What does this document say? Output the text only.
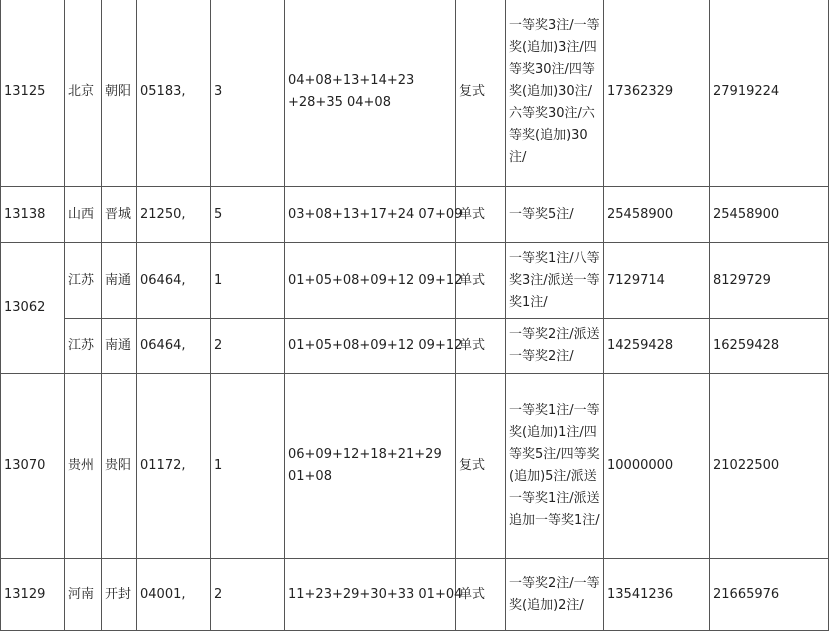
13125	北京	朝阳	05183,	3	04+08+13+14+23
+28+35 04+08	复式	一等奖3注/一等奖(追加)3注/四等奖30注/四等奖(追加)30注/六等奖30注/六等奖(追加)30注/	17362329	27919224
13138	山西	晋城	21250,	5	03+08+13+17+24 07+09	单式	一等奖5注/	25458900	25458900
13062	江苏	南通	06464,	1	01+05+08+09+12 09+12	单式	一等奖1注/八等奖3注/派送一等奖1注/	7129714	8129729
	江苏	南通	06464,	2	01+05+08+09+12 09+12	单式	一等奖2注/派送一等奖2注/	14259428	16259428
13070	贵州	贵阳	01172,	1	06+09+12+18+21+29
01+08	复式	一等奖1注/一等奖(追加)1注/四等奖5注/四等奖(追加)5注/派送一等奖1注/派送追加一等奖1注/	10000000	21022500
13129	河南	开封	04001,	2	11+23+29+30+33 01+04	单式	一等奖2注/一等奖(追加)2注/	13541236	21665976
